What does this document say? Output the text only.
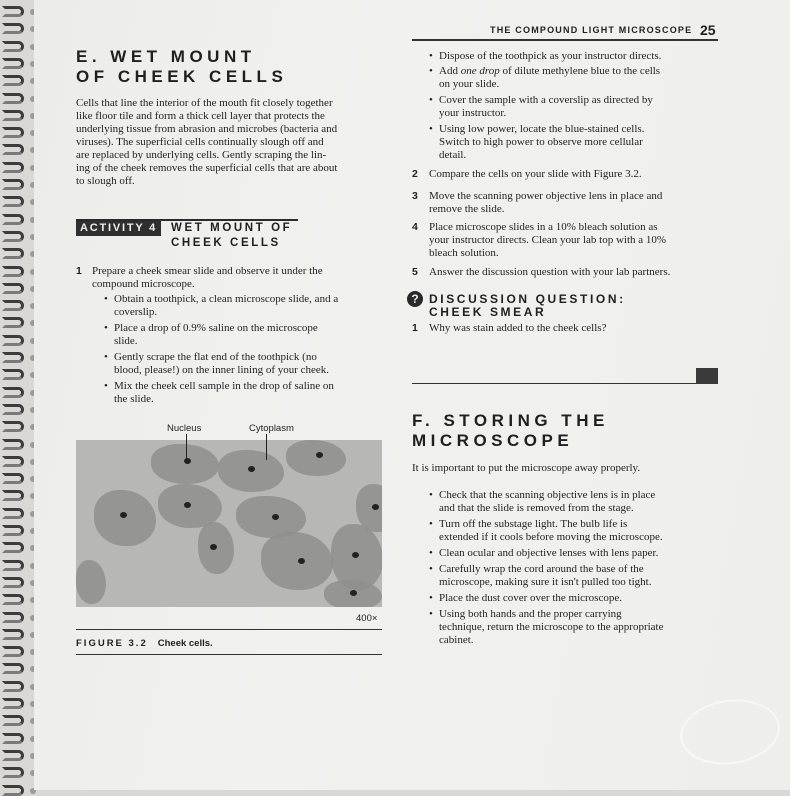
THE COMPOUND LIGHT MICROSCOPE 25
E. WET MOUNT
OF CHEEK CELLS
Cells that line the interior of the mouth fit closely together
like floor tile and form a thick cell layer that protects the
underlying tissue from abrasion and microbes (bacteria and
viruses). The superficial cells continually slough off and
are replaced by underlying cells. Gently scraping the lin-
ing of the cheek removes the superficial cells that are about
to slough off.
ACTIVITY 4	WET MOUNT OF
CHEEK CELLS
1 Prepare a cheek smear slide and observe it under the
compound microscope.
• Obtain a toothpick, a clean microscope slide, and a
coverslip.
• Place a drop of 0.9% saline on the microscope
slide.
• Gently scrape the flat end of the toothpick (no
blood, please!) on the inner lining of your cheek.
• Mix the cheek cell sample in the drop of saline on
the slide.
Nucleus	Cytoplasm
400×
FIGURE 3.2 Cheek cells.
• Dispose of the toothpick as your instructor directs.
• Add one drop of dilute methylene blue to the cells
on your slide.
• Cover the sample with a coverslip as directed by
your instructor.
• Using low power, locate the blue-stained cells.
Switch to high power to observe more cellular
detail.
2 Compare the cells on your slide with Figure 3.2.
3 Move the scanning power objective lens in place and
remove the slide.
4 Place microscope slides in a 10% bleach solution as
your instructor directs. Clean your lab top with a 10%
bleach solution.
5 Answer the discussion question with your lab partners.
? DISCUSSION QUESTION:
CHEEK SMEAR
1 Why was stain added to the cheek cells?
F. STORING THE
MICROSCOPE
It is important to put the microscope away properly.
• Check that the scanning objective lens is in place
and that the slide is removed from the stage.
• Turn off the substage light. The bulb life is
extended if it cools before moving the microscope.
• Clean ocular and objective lenses with lens paper.
• Carefully wrap the cord around the base of the
microscope, making sure it isn't pulled too tight.
• Place the dust cover over the microscope.
• Using both hands and the proper carrying
technique, return the microscope to the appropriate
cabinet.
